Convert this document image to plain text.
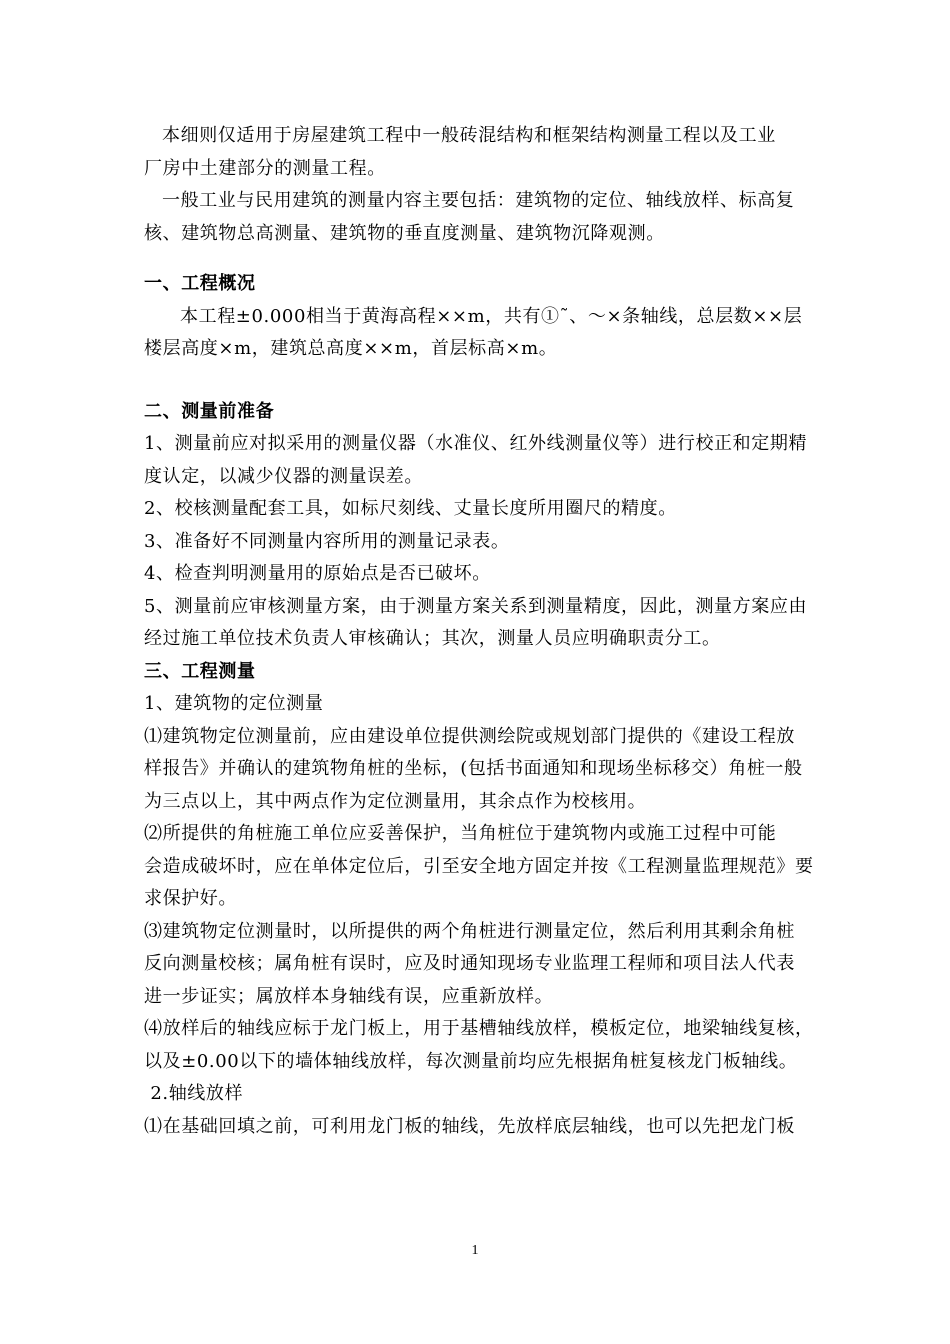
本细则仅适用于房屋建筑工程中一般砖混结构和框架结构测量工程以及工业
厂房中土建部分的测量工程。
一般工业与民用建筑的测量内容主要包括：建筑物的定位、轴线放样、标高复
核、建筑物总高测量、建筑物的垂直度测量、建筑物沉降观测。
一、工程概况
本工程±0.000相当于黄海高程××m，共有①˜、～×条轴线，总层数××层
楼层高度×m，建筑总高度××m，首层标高×m。
二、测量前准备
1、测量前应对拟采用的测量仪器（水准仪、红外线测量仪等）进行校正和定期精
度认定，以减少仪器的测量误差。
2、校核测量配套工具，如标尺刻线、丈量长度所用圈尺的精度。
3、准备好不同测量内容所用的测量记录表。
4、检查判明测量用的原始点是否已破坏。
5、测量前应审核测量方案，由于测量方案关系到测量精度，因此，测量方案应由
经过施工单位技术负责人审核确认；其次，测量人员应明确职责分工。
三、工程测量
1、建筑物的定位测量
⑴建筑物定位测量前，应由建设单位提供测绘院或规划部门提供的《建设工程放
样报告》并确认的建筑物角桩的坐标，(包括书面通知和现场坐标移交）角桩一般
为三点以上，其中两点作为定位测量用，其余点作为校核用。
⑵所提供的角桩施工单位应妥善保护，当角桩位于建筑物内或施工过程中可能
会造成破坏时，应在单体定位后，引至安全地方固定并按《工程测量监理规范》要
求保护好。
⑶建筑物定位测量时，以所提供的两个角桩进行测量定位，然后利用其剩余角桩
反向测量校核；属角桩有误时，应及时通知现场专业监理工程师和项目法人代表
进一步证实；属放样本身轴线有误，应重新放样。
⑷放样后的轴线应标于龙门板上，用于基槽轴线放样，模板定位，地梁轴线复核，
以及±0.00以下的墙体轴线放样，每次测量前均应先根据角桩复核龙门板轴线。
2.轴线放样
⑴在基础回填之前，可利用龙门板的轴线，先放样底层轴线，也可以先把龙门板
1
